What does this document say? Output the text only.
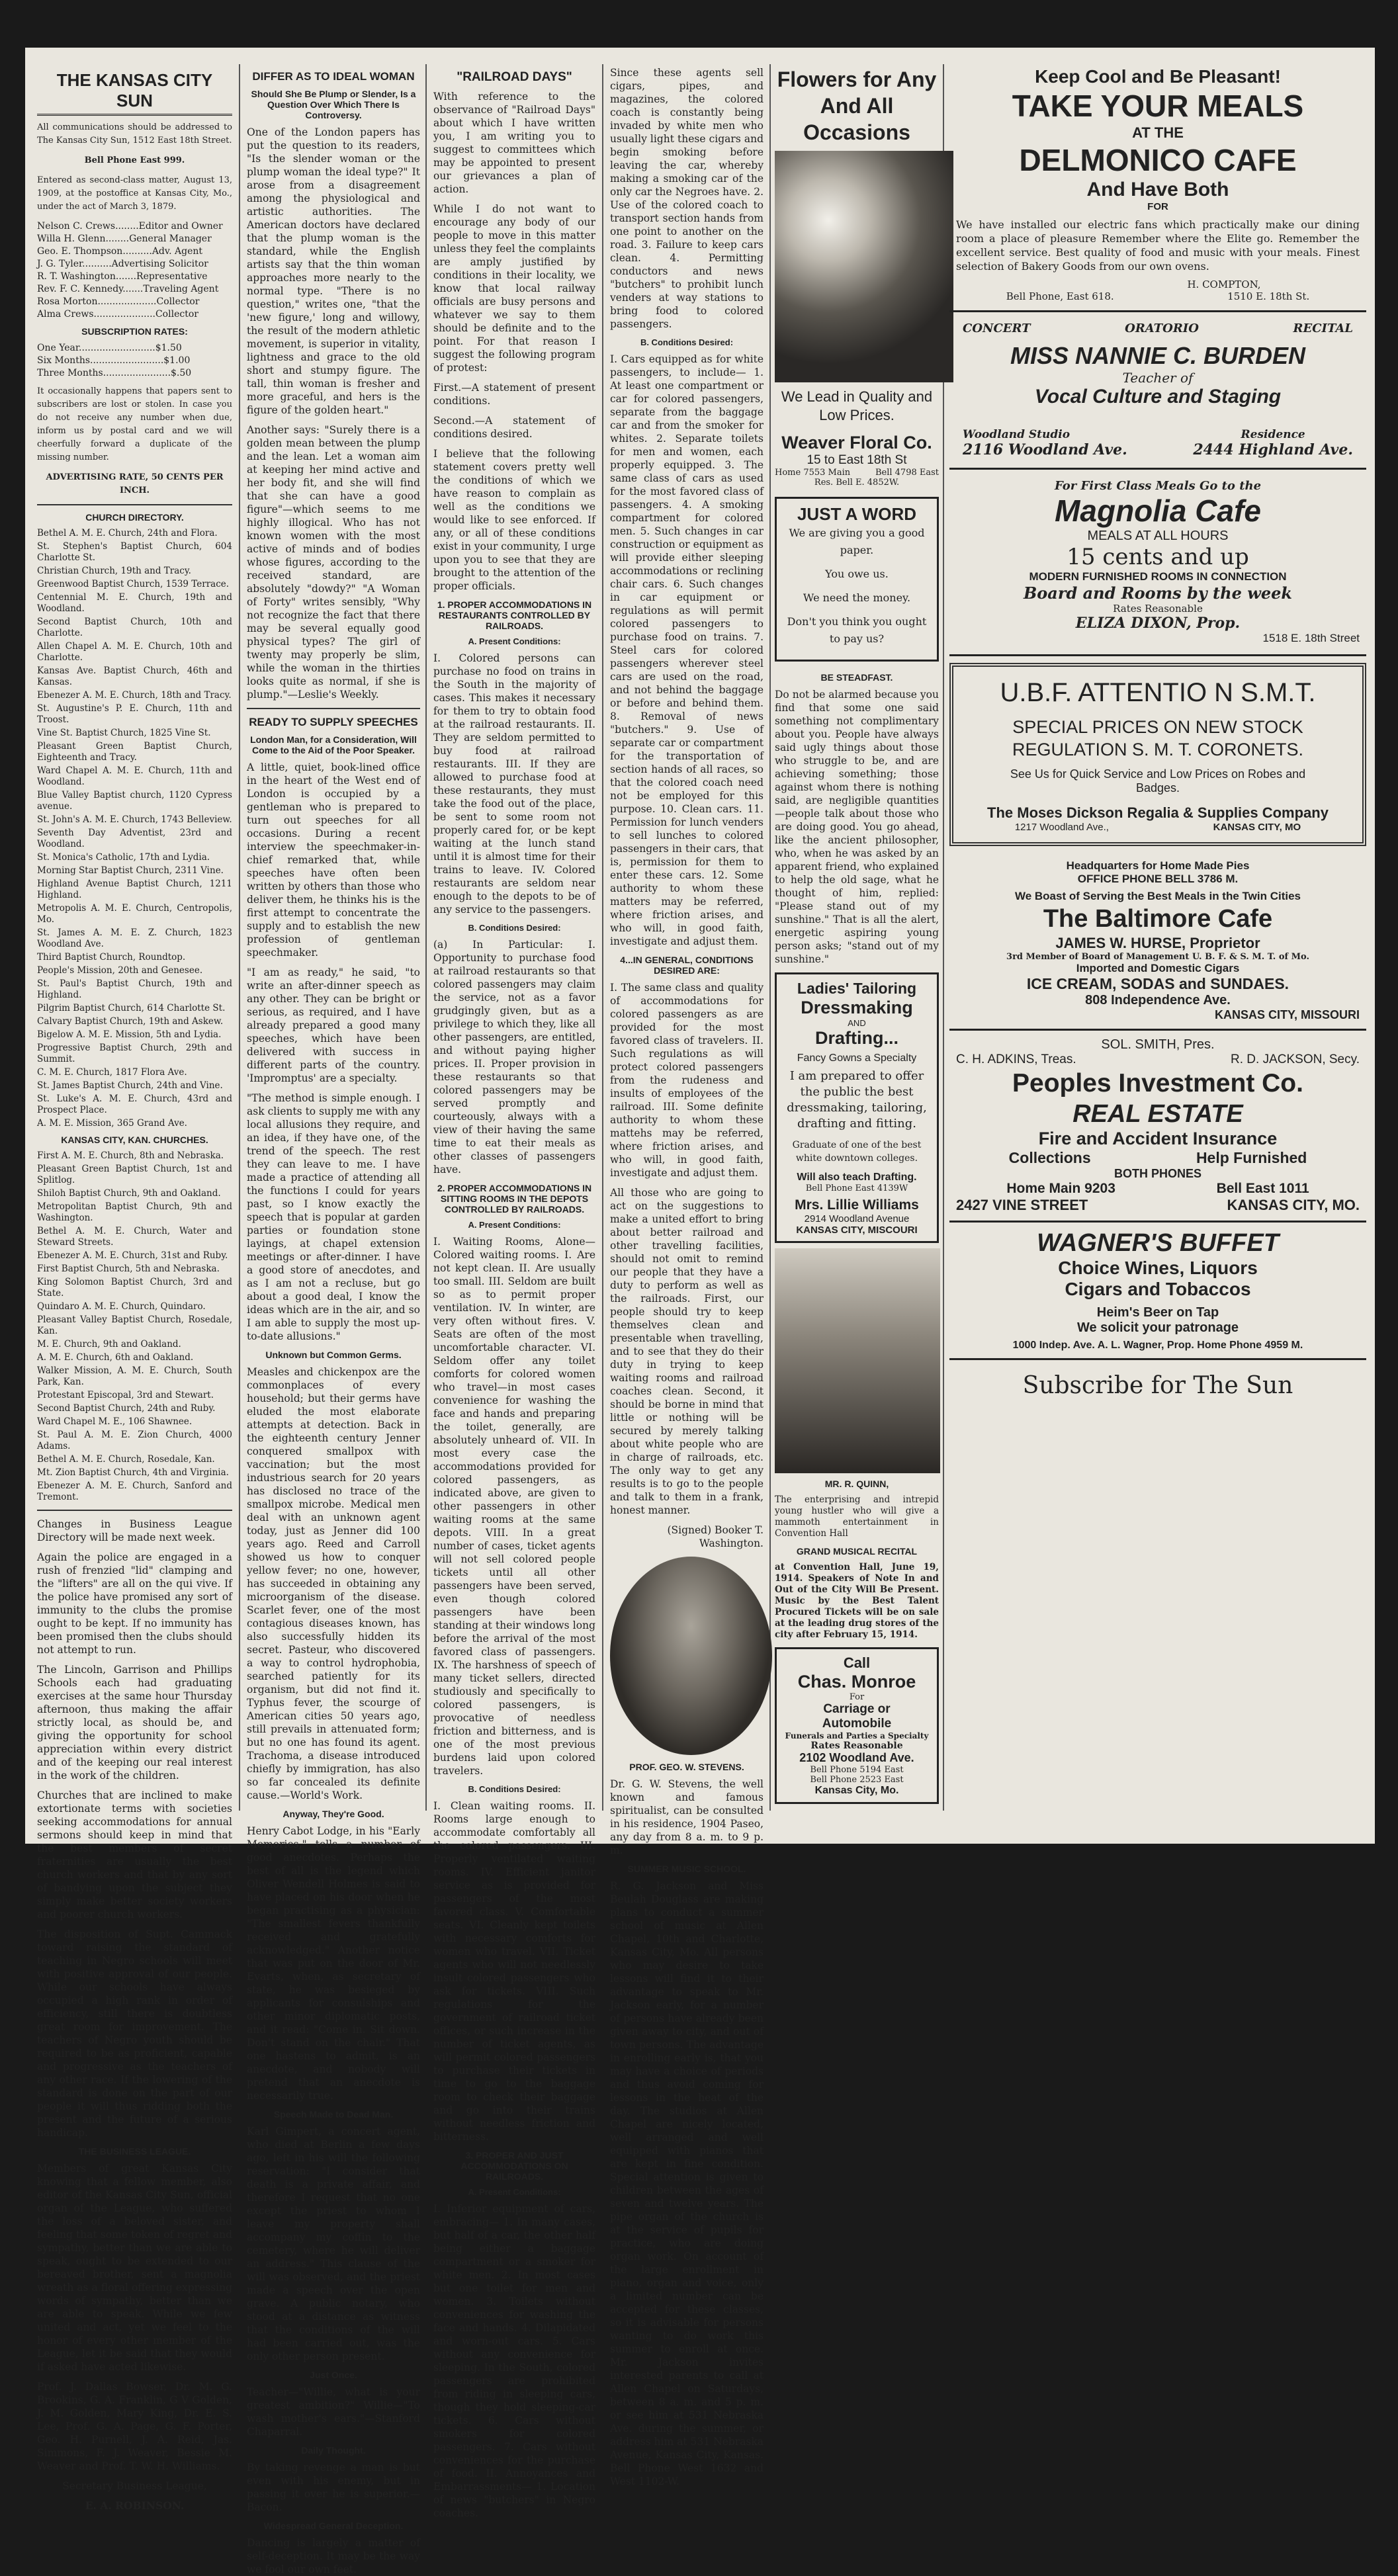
THE KANSAS CITY SUN

All communications should be addressed to The Kansas City Sun, 1512 East 18th Street.

Bell Phone East 999.

Entered as second-class matter, August 13, 1909, at the postoffice at Kansas City, Mo., under the act of March 3, 1879.

Nelson C. Crews........Editor and Owner

Willa H. Glenn........General Manager

Geo. E. Thompson..........Adv. Agent

J. G. Tyler..........Advertising Solicitor

R. T. Washington.......Representative

Rev. F. C. Kennedy.......Traveling Agent

Rosa Morton....................Collector

Alma Crews.....................Collector

SUBSCRIPTION RATES:

One Year..........................$1.50

Six Months.........................$1.00

Three Months.......................$.50

It occasionally happens that papers sent to subscribers are lost or stolen. In case you do not receive any number when due, inform us by postal card and we will cheerfully forward a duplicate of the missing number.

ADVERTISING RATE, 50 CENTS PER INCH.

CHURCH DIRECTORY.

Bethel A. M. E. Church, 24th and Flora.

St. Stephen's Baptist Church, 604 Charlotte St.

Christian Church, 19th and Tracy.

Greenwood Baptist Church, 1539 Terrace.

Centennial M. E. Church, 19th and Woodland.

Second Baptist Church, 10th and Charlotte.

Allen Chapel A. M. E. Church, 10th and Charlotte.

Kansas Ave. Baptist Church, 46th and Kansas.

Ebenezer A. M. E. Church, 18th and Tracy.

St. Augustine's P. E. Church, 11th and Troost.

Vine St. Baptist Church, 1825 Vine St.

Pleasant Green Baptist Church, Eighteenth and Tracy.

Ward Chapel A. M. E. Church, 11th and Woodland.

Blue Valley Baptist church, 1120 Cypress avenue.

St. John's A. M. E. Church, 1743 Belleview.

Seventh Day Adventist, 23rd and Woodland.

St. Monica's Catholic, 17th and Lydia.

Morning Star Baptist Church, 2311 Vine.

Highland Avenue Baptist Church, 1211 Highland.

Metropolis A. M. E. Church, Centropolis, Mo.

St. James A. M. E. Z. Church, 1823 Woodland Ave.

Third Baptist Church, Roundtop.

People's Mission, 20th and Genesee.

St. Paul's Baptist Church, 19th and Highland.

Pilgrim Baptist Church, 614 Charlotte St.

Calvary Baptist Church, 19th and Askew.

Bigelow A. M. E. Mission, 5th and Lydia.

Progressive Baptist Church, 29th and Summit.

C. M. E. Church, 1817 Flora Ave.

St. James Baptist Church, 24th and Vine.

St. Luke's A. M. E. Church, 43rd and Prospect Place.

A. M. E. Mission, 365 Grand Ave.

KANSAS CITY, KAN. CHURCHES.

First A. M. E. Church, 8th and Nebraska.

Pleasant Green Baptist Church, 1st and Splitlog.

Shiloh Baptist Church, 9th and Oakland.

Metropolitan Baptist Church, 9th and Washington.

Bethel A. M. E. Church, Water and Steward Streets.

Ebenezer A. M. E. Church, 31st and Ruby.

First Baptist Church, 5th and Nebraska.

King Solomon Baptist Church, 3rd and State.

Quindaro A. M. E. Church, Quindaro.

Pleasant Valley Baptist Church, Rosedale, Kan.

M. E. Church, 9th and Oakland.

A. M. E. Church, 6th and Oakland.

Walker Mission, A. M. E. Church, South Park, Kan.

Protestant Episcopal, 3rd and Stewart.

Second Baptist Church, 24th and Ruby.

Ward Chapel M. E., 106 Shawnee.

St. Paul A. M. E. Zion Church, 4000 Adams.

Bethel A. M. E. Church, Rosedale, Kan.

Mt. Zion Baptist Church, 4th and Virginia.

Ebenezer A. M. E. Church, Sanford and Tremont.

Changes in Business League Directory will be made next week.

Again the police are engaged in a rush of frenzied "lid" clamping and the "lifters" are all on the qui vive. If the police have promised any sort of immunity to the clubs the promise ought to be kept. If no immunity has been promised then the clubs should not attempt to run.

The Lincoln, Garrison and Phillips Schools each had graduating exercises at the same hour Thursday afternoon, thus making the affair strictly local, as should be, and giving the opportunity for school appreciation within every district and of the keeping our real interest in the work of the children.

Churches that are inclined to make extortionate terms with societies seeking accommodations for annual sermons should keep in mind that the best members of secret fraternities are usually the best church workers and that by any sort of bandying upon the subject they simply make better society workers and poorer church workers.

The disposition of Supt. Cammack toward raising the standard of teaching in Negro schools will meet with positive approval of our people. While our schools have always occupied a high rank in order of efficiency, still there is doubtless great room for improvement. The teachers of Negro youth should be required to be as proficient, capable and progressive as the teachers of any other race. If the lowering of the standard is done on the part of our people it will thus ridding both the present and the future of a serious handicap.

THE BUSINESS LEAGUE.

Members of great Kansas City knowing that a fellow member, also editor of the Kansas City Sun, official organ of the League, who suffered the loss of a beloved sister, and feeling that some token of regret and sympathy, better than we are able to speak, ought to be extended to our bereaved brother, sent a magnolia wreath as a floral offering expressing words of sympathy, better than we are able to speak. While we few united and act, yet we feel to the honor of every other member of the League, let it be said that they would if asked have acted likewise.

Prof. J. Dallas Bowser, Dr. M. G. Brookins, G. A. Franklin, G V Golden, J. M. Golden, Mary King, Dr. E. S. Lee, Prof. G. A. Page, G. F. Porter, Geo. H. Purnell, J. A. Reid, Jas. Simmons, F. J. Weaver, Bessie M. Weaver and Prof. T. W. H. Williams.

Secretary Business League,

E. A. ROBINSON.

DIFFER AS TO IDEAL WOMAN
Should She Be Plump or Slender, Is a Question Over Which There Is Controversy.

One of the London papers has put the question to its readers, "Is the slender woman or the plump woman the ideal type?" It arose from a disagreement among the physiological and artistic authorities. The American doctors have declared that the plump woman is the standard, while the English artists say that the thin woman approaches more nearly to the normal type. "There is no question," writes one, "that the 'new figure,' long and willowy, the result of the modern athletic movement, is superior in vitality, lightness and grace to the old short and stumpy figure. The tall, thin woman is fresher and more graceful, and hers is the figure of the golden heart."

Another says: "Surely there is a golden mean between the plump and the lean. Let a woman aim at keeping her mind active and her body fit, and she will find that she can have a good figure"—which seems to me highly illogical. Who has not known women with the most active of minds and of bodies whose figures, according to the received standard, are absolutely "dowdy?" "A Woman of Forty" writes sensibly, "Why not recognize the fact that there may be several equally good physical types? The girl of twenty may properly be slim, while the woman in the thirties looks quite as normal, if she is plump."—Leslie's Weekly.

READY TO SUPPLY SPEECHES
London Man, for a Consideration, Will Come to the Aid of the Poor Speaker.

A little, quiet, book-lined office in the heart of the West end of London is occupied by a gentleman who is prepared to turn out speeches for all occasions. During a recent interview the speechmaker-in-chief remarked that, while speeches have often been written by others than those who deliver them, he thinks his is the first attempt to concentrate the supply and to establish the new profession of gentleman speechmaker.

"I am as ready," he said, "to write an after-dinner speech as any other. They can be bright or serious, as required, and I have already prepared a good many speeches, which have been delivered with success in different parts of the country. 'Impromptus' are a specialty.

"The method is simple enough. I ask clients to supply me with any local allusions they require, and an idea, if they have one, of the trend of the speech. The rest they can leave to me. I have made a practice of attending all the functions I could for years past, so I know exactly the speech that is popular at garden parties or foundation stone layings, at chapel extension meetings or after-dinner. I have a good store of anecdotes, and as I am not a recluse, but go about a good deal, I know the ideas which are in the air, and so I am able to supply the most up-to-date allusions."

Unknown but Common Germs.

Measles and chickenpox are the commonplaces of every household; but their germs have eluded the most elaborate attempts at detection. Back in the eighteenth century Jenner conquered smallpox with vaccination; but the most industrious search for 20 years has disclosed no trace of the smallpox microbe. Medical men deal with an unknown agent today, just as Jenner did 100 years ago. Reed and Carroll showed us how to conquer yellow fever; no one, however, has succeeded in obtaining any microorganism of the disease. Scarlet fever, one of the most contagious diseases known, has also successfully hidden its secret. Pasteur, who discovered a way to control hydrophobia, searched patiently for its organism, but did not find it. Typhus fever, the scourge of American cities 50 years ago, still prevails in attenuated form; but no one has found its agent. Trachoma, a disease introduced chiefly by immigration, has also so far concealed its definite cause.—World's Work.

Anyway, They're Good.

Henry Cabot Lodge, in his "Early Memories," tells a number of good anecdotes. Perhaps the best of all is the legend which Oliver Wendell Holmes is said to have placed on his door when he began practising as a physician: "The smallest fevers thankfully received and gratefully acknowledged." Another notice that was put on the door of Mr. Evarts, when, as secretary of state, he was besieged by applicants for consulships and other minor diplomatic posts, and it read: "Come in. Sit down. Don't stand on the chair." That one hastens to admit, is an anecdote, and nobody will pretend that an anecdote is necessarily true.

Speech Made to Dead Man.

Karl Gimpert, a concert agent, who died at Berlin a few days ago, left in his will the following reservation: "I consider that death is a private affair, and therefore I request that no one except the priest to whom I leave my property shall accompany my coffin to the cemetery, where he will deliver an address." This clause of the will was observed, and the priest made a speech over the open grave. A public notary, who stood at a distance as witness that the conditions of the will had been carried out, was the only other person present.

Just Once.

Teacher—"Willie, what is your greatest ambition?" Willie—"To wash mother's ears."—Stanford Chaparral.

Daily Thought.

By taking revenge a man is but even with his enemy, but in passing it over he is superior.—Bacon.

Widespread General Deception.

Dancing is largely a matter of self-deception. It may be the way we fool our own feet.

"RAILROAD DAYS"

With reference to the observance of "Railroad Days" about which I have written you, I am writing you to suggest to committees which may be appointed to present our grievances a plan of action.

While I do not want to encourage any body of our people to move in this matter unless they feel the complaints are amply justified by conditions in their locality, we know that local railway officials are busy persons and whatever we say to them should be definite and to the point. For that reason I suggest the following program of protest:

First.—A statement of present conditions.

Second.—A statement of conditions desired.

I believe that the following statement covers pretty well the conditions of which we have reason to complain as well as the conditions we would like to see enforced. If any, or all of these conditions exist in your community, I urge upon you to see that they are brought to the attention of the proper officials.

1. PROPER ACCOMMODATIONS IN RESTAURANTS CONTROLLED BY RAILROADS.
A. Present Conditions:

I. Colored persons can purchase no food on trains in the South in the majority of cases. This makes it necessary for them to try to obtain food at the railroad restaurants. II. They are seldom permitted to buy food at railroad restaurants. III. If they are allowed to purchase food at these restaurants, they must take the food out of the place, be sent to some room not properly cared for, or be kept waiting at the lunch stand until it is almost time for their trains to leave. IV. Colored restaurants are seldom near enough to the depots to be of any service to the passengers.

B. Conditions Desired:

(a) In Particular: I. Opportunity to purchase food at railroad restaurants so that colored passengers may claim the service, not as a favor grudgingly given, but as a privilege to which they, like all other passengers, are entitled, and without paying higher prices. II. Proper provision in these restaurants so that colored passengers may be served promptly and courteously, always with a view of their having the same time to eat their meals as other classes of passengers have.

2. PROPER ACCOMMODATIONS IN SITTING ROOMS IN THE DEPOTS CONTROLLED BY RAILROADS.
A. Present Conditions:

I. Waiting Rooms, Alone—Colored waiting rooms. I. Are not kept clean. II. Are usually too small. III. Seldom are built so as to permit proper ventilation. IV. In winter, are very often without fires. V. Seats are often of the most uncomfortable character. VI. Seldom offer any toilet comforts for colored women who travel—in most cases convenience for washing the face and hands and preparing the toilet, generally, are absolutely unheard of. VII. In most every case the accommodations provided for colored passengers, as indicated above, are given to other passengers in other waiting rooms at the same depots. VIII. In a great number of cases, ticket agents will not sell colored people tickets until all other passengers have been served, even though colored passengers have been standing at their windows long before the arrival of the most favored class of passengers. IX. The harshness of speech of many ticket sellers, directed studiously and specifically to colored passengers, is provocative of needless friction and bitterness, and is one of the most previous burdens laid upon colored travelers.

B. Conditions Desired:

I. Clean waiting rooms. II. Rooms large enough to accommodate comfortably all the colored passengers. III. Properly ventilated waiting rooms. IV. Efficient janitor service as is provided for passengers of the most favored class. V. Comfortable seats. VI. Cleanly kept toilets with necessary comforts for women who travel. VII. Ticket agents who will not needlessly insult colored passengers who ask for tickets. VIII. Such regulations for the government of railroad ticket offices, or such increase in the number of ticket agents, as will permit colored passengers to purchase their tickets in time to go to the baggage room to check their baggage and go into their trains without needless friction and bitterness.

3. PROPER AND JUST ACCOMMODATIONS ON RAILROADS.
A. Present Conditions:

I. Inferior equipment of cars, embracing— 1. In many cases, but half of a car, the other half being either a baggage compartment or a smoker for white men. 2. In most cases but one toilet for men and women. 3. Toilets without conveniences for washing the face and hands. 4. Dilapidated and worn-out cars. 5. Cars without any convenience for sleeping. In the South, colored passengers are prohibited from riding in sleeping cars, though they hold sleeping-car tickets. 6. Cars without smokers for colored passengers. 7. Cars without conveniences for the purchase of food. II. Annoyances and Embarrassments— 1. Location of news "butchers" in Negro coaches.

Since these agents sell cigars, pipes, and magazines, the colored coach is constantly being invaded by white men who usually light these cigars and begin smoking before leaving the car, whereby making a smoking car of the only car the Negroes have. 2. Use of the colored coach to transport section hands from one point to another on the road. 3. Failure to keep cars clean. 4. Permitting conductors and news "butchers" to prohibit lunch venders at way stations to bring food to colored passengers.

B. Conditions Desired:

I. Cars equipped as for white passengers, to include— 1. At least one compartment or car for colored passengers, separate from the baggage car and from the smoker for whites. 2. Separate toilets for men and women, each properly equipped. 3. The same class of cars as used for the most favored class of passengers. 4. A smoking compartment for colored men. 5. Such changes in car construction or equipment as will provide either sleeping accommodations or reclining chair cars. 6. Such changes in car equipment or regulations as will permit colored passengers to purchase food on trains. 7. Steel cars for colored passengers wherever steel cars are used on the road, and not behind the baggage or before and behind them. 8. Removal of news "butchers." 9. Use of separate car or compartment for the transportation of section hands of all races, so that the colored coach need not be employed for this purpose. 10. Clean cars. 11. Permission for lunch venders to sell lunches to colored passengers in their cars, that is, permission for them to enter these cars. 12. Some authority to whom these matters may be referred, where friction arises, and who will, in good faith, investigate and adjust them.

4...IN GENERAL, CONDITIONS DESIRED ARE:

I. The same class and quality of accommodations for colored passengers as are provided for the most favored class of travelers. II. Such regulations as will protect colored passengers from the rudeness and insults of employees of the railroad. III. Some definite authority to whom these mattehs may be referred, where friction arises, and who will, in good faith, investigate and adjust them.

All those who are going to act on the suggestions to make a united effort to bring about better railroad and other travelling facilities, should not omit to remind our people that they have a duty to perform as well as the railroads. First, our people should try to keep themselves clean and presentable when travelling, and to see that they do their duty in trying to keep waiting rooms and railroad coaches clean. Second, it should be borne in mind that little or nothing will be secured by merely talking about white people who are in charge of railroads, etc. The only way to get any results is to go to the people and talk to them in a frank, honest manner.

(Signed) Booker T. Washington.

PROF. GEO. W. STEVENS.

Dr. G. W. Stevens, the well known and famous spiritualist, can be consulted in his residence, 1904 Paseo, any day from 8 a. m. to 9 p. m.

SUMMER MUSIC SCHOOL.

R. G. Jackson and Miss Beulah Douglass are making plans to conduct a summer school of music at Allen Chapel, 10th and Charlotte, Kansas City, Mo. All persons who may desire to take lessons will find it to their advantage to speak to Mr. Jackson early, for a number of persons have already been given away to city, and out of town persons. The advantage in enrolling early is, that you may have a choice of periods and thus avoid coming for lessons in the heat of the day. The studios at Allen Chapel are nicely located, well arranged and well equipped with pianos that are kept in fine condition. Special attention is given to children between the ages of seven and twelve years. The pipe organ of the church is at the service of pupils for practice, who are doing organ work. On account of the large enrollment in piano, organ and voice, only a limited number can be accepted for these classes, so it is advisable for persons wanting to do work this summer to enroll at once. Mr. Jackson invites interested parents to call at Allen Chapel on Saturdays, between 8 a. m. and 5 p. m. or see him at 531 Nebraska Ave. during the summer, or address him at 531 Nebraska Avenue, Kansas City, Kansas. Bell Phone West 1632 and West 1102-W.

Flowers for Any And All Occasions
We Lead in Quality and Low Prices.
Weaver Floral Co.
15 to East 18th St
Home 7553 Main	Bell 4798 East
Res. Bell E. 4852W.
JUST A WORD

We are giving you a good paper.

You owe us.

We need the money.

Don't you think you ought to pay us?

BE STEADFAST.

Do not be alarmed because you find that some one said something not complimentary about you. People have always said ugly things about those who struggle to be, and are achieving something; those against whom there is nothing said, are negligible quantities—people talk about those who are doing good. You go ahead, like the ancient philosopher, who, when he was asked by an apparent friend, who explained to help the old sage, what he thought of him, replied: "Please stand out of my sunshine." That is all the alert, energetic aspiring young person asks; "stand out of my sunshine."

Ladies' Tailoring
Dressmaking
AND
Drafting...
Fancy Gowns a Specialty

I am prepared to offer the public the best dressmaking, tailoring, drafting and fitting.

Graduate of one of the best white downtown colleges.

Will also teach Drafting.
Bell Phone East 4139W
Mrs. Lillie Williams
2914 Woodland Avenue
KANSAS CITY, MISCOURI
MR. R. QUINN,

The enterprising and intrepid young hustler who will give a mammoth entertainment in Convention Hall

GRAND MUSICAL RECITAL

at Convention Hall, June 19, 1914. Speakers of Note In and Out of the City Will Be Present. Music by the Best Talent Procured Tickets will be on sale at the leading drug stores of the city after February 15, 1914.

Call
Chas. Monroe
For
Carriage or
Automobile
Funerals and Parties a Specialty
Rates Reasonable
2102 Woodland Ave.
Bell Phone 5194 East
Bell Phone 2523 East
Kansas City, Mo.
Keep Cool and Be Pleasant!
TAKE YOUR MEALS
AT THE
DELMONICO CAFE
And Have Both
FOR

We have installed our electric fans which practically make our dining room a place of pleasure Remember where the Elite go. Remember the excellent service. Best quality of food and music with your meals. Finest selection of Bakery Goods from our own ovens.

H. COMPTON,
Bell Phone, East 618.	1510 E. 18th St.
CONCERT	ORATORIO	RECITAL
MISS NANNIE C. BURDEN
Teacher of
Vocal Culture and Staging
Woodland Studio
2116 Woodland Ave.
Residence
2444 Highland Ave.
For First Class Meals Go to the
Magnolia Cafe
MEALS AT ALL HOURS
15 cents and up
MODERN FURNISHED ROOMS IN CONNECTION
Board and Rooms by the week
Rates Reasonable
ELIZA DIXON, Prop.
1518 E. 18th Street
U.B.F. ATTENTIO N S.M.T.
SPECIAL PRICES ON NEW STOCK REGULATION S. M. T. CORONETS.
See Us for Quick Service and Low Prices on Robes and Badges.
The Moses Dickson Regalia & Supplies Company
1217 Woodland Ave.,	KANSAS CITY, MO
Headquarters for Home Made Pies
OFFICE PHONE BELL 3786 M.
We Boast of Serving the Best Meals in the Twin Cities
The Baltimore Cafe
JAMES W. HURSE, Proprietor
3rd Member of Board of Management U. B. F. & S. M. T. of Mo.
Imported and Domestic Cigars
ICE CREAM, SODAS and SUNDAES.
808 Independence Ave.
KANSAS CITY, MISSOURI
SOL. SMITH, Pres.
C. H. ADKINS, Treas.	R. D. JACKSON, Secy.
Peoples Investment Co.
REAL ESTATE
Fire and Accident Insurance
Collections	Help Furnished
BOTH PHONES
Home Main 9203	Bell East 1011
2427 VINE STREET	KANSAS CITY, MO.
WAGNER'S BUFFET
Choice Wines, Liquors
Cigars and Tobaccos
Heim's Beer on Tap
We solicit your patronage
1000 Indep. Ave. A. L. Wagner, Prop. Home Phone 4959 M.
Subscribe for The Sun
